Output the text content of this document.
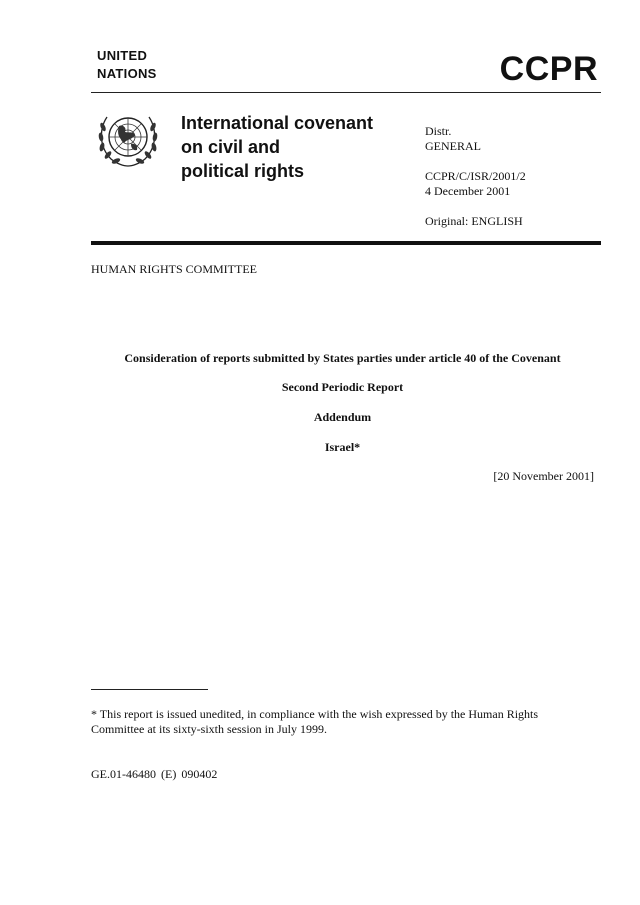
UNITED
NATIONS	CCPR
International covenant
on civil and
political rights
Distr.
GENERAL
CCPR/C/ISR/2001/2
4 December 2001
Original: ENGLISH
HUMAN RIGHTS COMMITTEE
Consideration of reports submitted by States parties under article 40 of the Covenant
Second Periodic Report
Addendum
Israel*
[20 November 2001]
* This report is issued unedited, in compliance with the wish expressed by the Human Rights
Committee at its sixty-sixth session in July 1999.
GE.01-46480 (E) 090402
